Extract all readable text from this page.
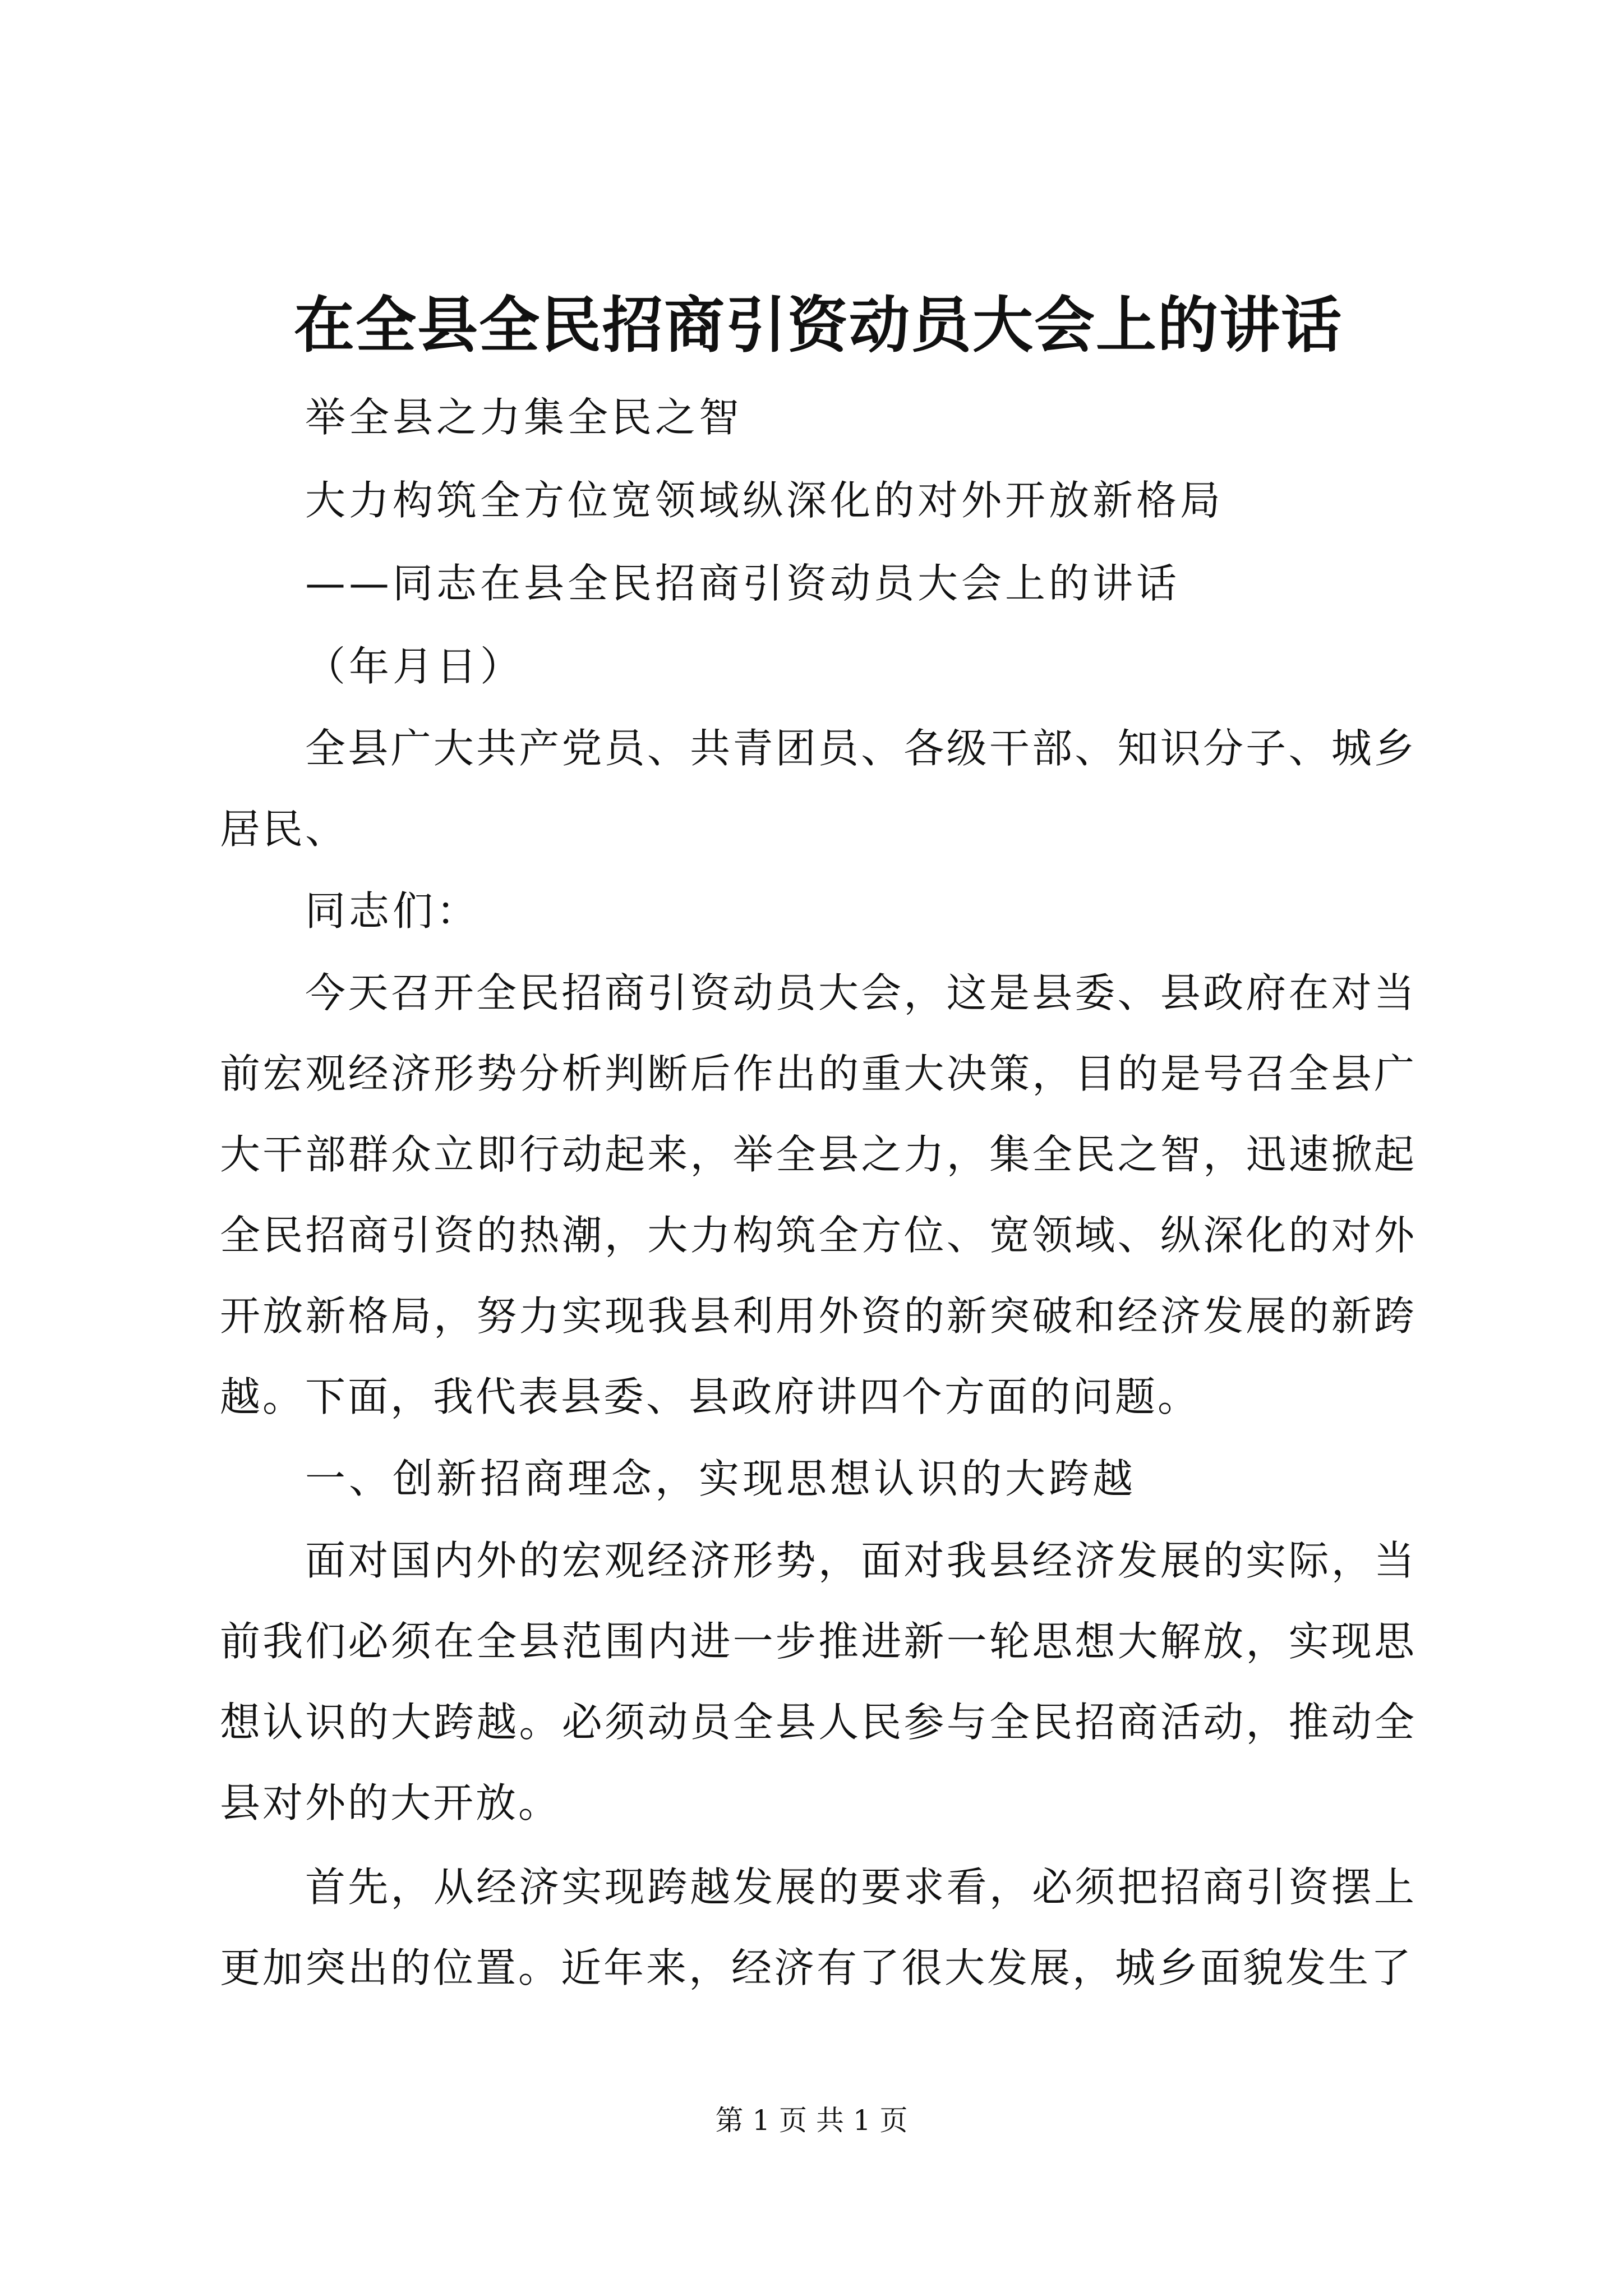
在全县全民招商引资动员大会上的讲话

举全县之力集全民之智

大力构筑全方位宽领域纵深化的对外开放新格局

——同志在县全民招商引资动员大会上的讲话

（年月日）

全县广大共产党员、共青团员、各级干部、知识分子、城乡居民、

同志们：

今天召开全民招商引资动员大会，这是县委、县政府在对当前宏观经济形势分析判断后作出的重大决策，目的是号召全县广大干部群众立即行动起来，举全县之力，集全民之智，迅速掀起全民招商引资的热潮，大力构筑全方位、宽领域、纵深化的对外开放新格局，努力实现我县利用外资的新突破和经济发展的新跨越。下面，我代表县委、县政府讲四个方面的问题。

一、创新招商理念，实现思想认识的大跨越

面对国内外的宏观经济形势，面对我县经济发展的实际，当前我们必须在全县范围内进一步推进新一轮思想大解放，实现思想认识的大跨越。必须动员全县人民参与全民招商活动，推动全县对外的大开放。

首先，从经济实现跨越发展的要求看，必须把招商引资摆上更加突出的位置。近年来，经济有了很大发展，城乡面貌发生了

第 1 页 共 1 页
